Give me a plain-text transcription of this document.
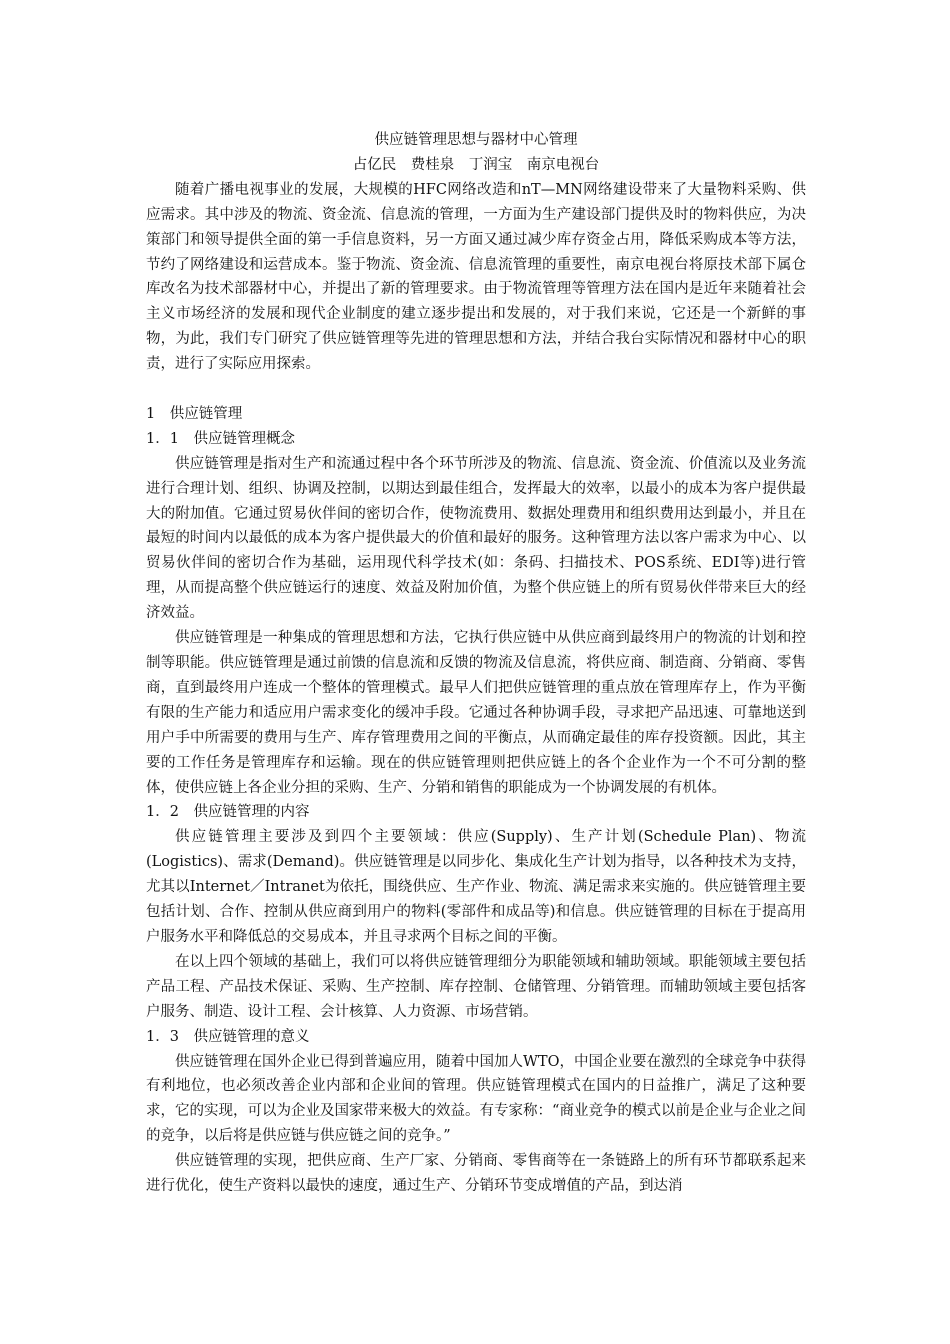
供应链管理思想与器材中心管理
占亿民　费桂泉　丁润宝　南京电视台

随着广播电视事业的发展，大规模的HFC网络改造和nT—MN网络建设带来了大量物料采购、供应需求。其中涉及的物流、资金流、信息流的管理，一方面为生产建设部门提供及时的物料供应，为决策部门和领导提供全面的第一手信息资料，另一方面又通过减少库存资金占用，降低采购成本等方法，节约了网络建设和运营成本。鉴于物流、资金流、信息流管理的重要性，南京电视台将原技术部下属仓库改名为技术部器材中心，并提出了新的管理要求。由于物流管理等管理方法在国内是近年来随着社会主义市场经济的发展和现代企业制度的建立逐步提出和发展的，对于我们来说，它还是一个新鲜的事物，为此，我们专门研究了供应链管理等先进的管理思想和方法，并结合我台实际情况和器材中心的职责，进行了实际应用探索。

1　供应链管理
1．1　供应链管理概念

供应链管理是指对生产和流通过程中各个环节所涉及的物流、信息流、资金流、价值流以及业务流进行合理计划、组织、协调及控制，以期达到最佳组合，发挥最大的效率，以最小的成本为客户提供最大的附加值。它通过贸易伙伴间的密切合作，使物流费用、数据处理费用和组织费用达到最小，并且在最短的时间内以最低的成本为客户提供最大的价值和最好的服务。这种管理方法以客户需求为中心、以贸易伙伴间的密切合作为基础，运用现代科学技术(如：条码、扫描技术、POS系统、EDI等)进行管理，从而提高整个供应链运行的速度、效益及附加价值，为整个供应链上的所有贸易伙伴带来巨大的经济效益。

供应链管理是一种集成的管理思想和方法，它执行供应链中从供应商到最终用户的物流的计划和控制等职能。供应链管理是通过前馈的信息流和反馈的物流及信息流，将供应商、制造商、分销商、零售商，直到最终用户连成一个整体的管理模式。最早人们把供应链管理的重点放在管理库存上，作为平衡有限的生产能力和适应用户需求变化的缓冲手段。它通过各种协调手段，寻求把产品迅速、可靠地送到用户手中所需要的费用与生产、库存管理费用之间的平衡点，从而确定最佳的库存投资额。因此，其主要的工作任务是管理库存和运输。现在的供应链管理则把供应链上的各个企业作为一个不可分割的整体，使供应链上各企业分担的采购、生产、分销和销售的职能成为一个协调发展的有机体。

1．2　供应链管理的内容

供应链管理主要涉及到四个主要领域：供应(Supply)、生产计划(Schedule Plan)、物流(Logistics)、需求(Demand)。供应链管理是以同步化、集成化生产计划为指导，以各种技术为支持，尤其以Internet／Intranet为依托，围绕供应、生产作业、物流、满足需求来实施的。供应链管理主要包括计划、合作、控制从供应商到用户的物料(零部件和成品等)和信息。供应链管理的目标在于提高用户服务水平和降低总的交易成本，并且寻求两个目标之间的平衡。

在以上四个领域的基础上，我们可以将供应链管理细分为职能领域和辅助领域。职能领域主要包括产品工程、产品技术保证、采购、生产控制、库存控制、仓储管理、分销管理。而辅助领域主要包括客户服务、制造、设计工程、会计核算、人力资源、市场营销。

1．3　供应链管理的意义

供应链管理在国外企业已得到普遍应用，随着中国加人WTO，中国企业要在激烈的全球竞争中获得有利地位，也必须改善企业内部和企业间的管理。供应链管理模式在国内的日益推广，满足了这种要求，它的实现，可以为企业及国家带来极大的效益。有专家称：“商业竞争的模式以前是企业与企业之间的竞争，以后将是供应链与供应链之间的竞争。”

供应链管理的实现，把供应商、生产厂家、分销商、零售商等在一条链路上的所有环节都联系起来进行优化，使生产资料以最快的速度，通过生产、分销环节变成增值的产品，到达消
